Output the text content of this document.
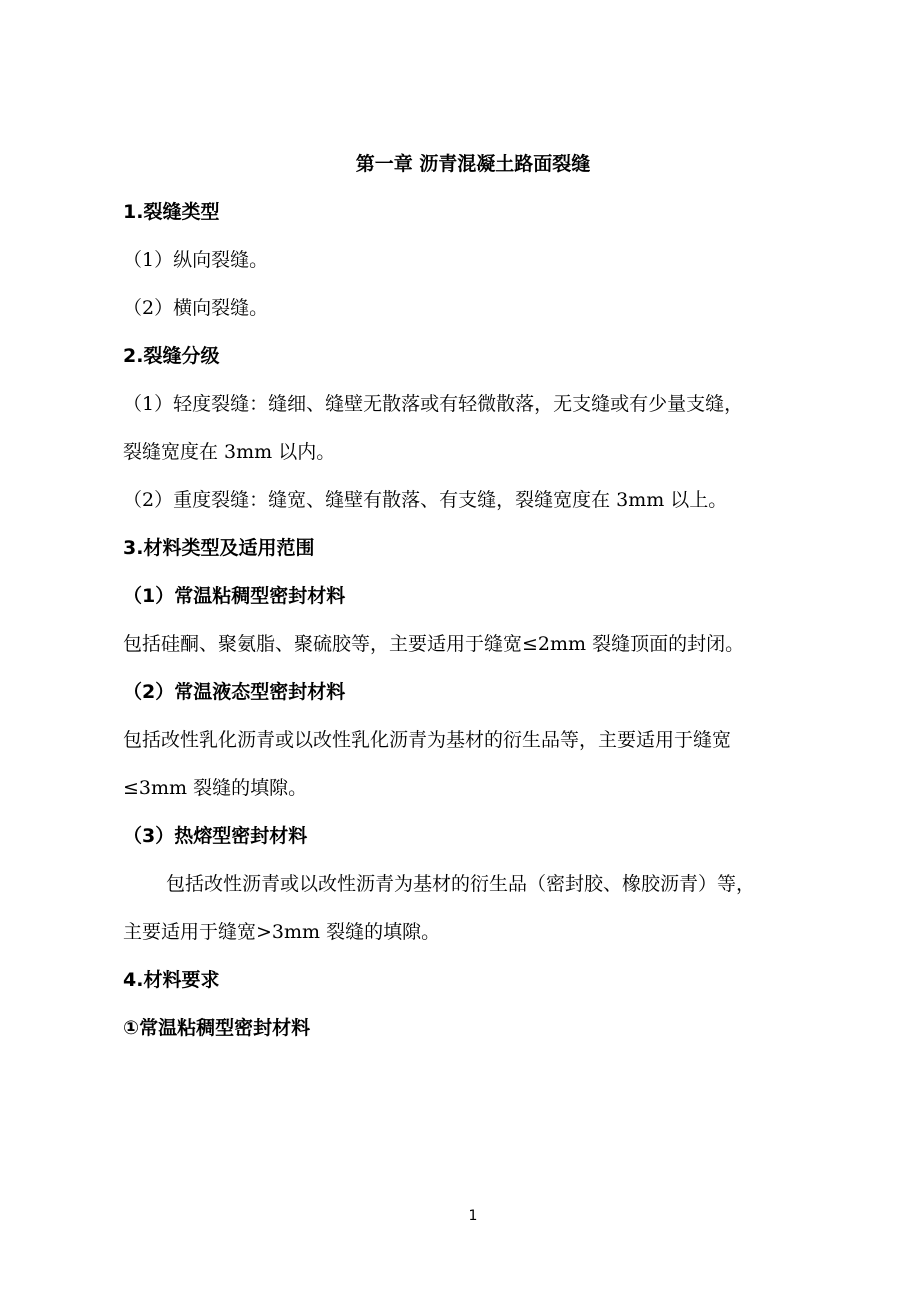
第一章 沥青混凝土路面裂缝
1.裂缝类型
（1）纵向裂缝。
（2）横向裂缝。
2.裂缝分级
（1）轻度裂缝：缝细、缝壁无散落或有轻微散落，无支缝或有少量支缝，
裂缝宽度在 3mm 以内。
（2）重度裂缝：缝宽、缝壁有散落、有支缝，裂缝宽度在 3mm 以上。
3.材料类型及适用范围
（1）常温粘稠型密封材料
包括硅酮、聚氨脂、聚硫胶等，主要适用于缝宽≤2mm 裂缝顶面的封闭。
（2）常温液态型密封材料
包括改性乳化沥青或以改性乳化沥青为基材的衍生品等，主要适用于缝宽
≤3mm 裂缝的填隙。
（3）热熔型密封材料
包括改性沥青或以改性沥青为基材的衍生品（密封胶、橡胶沥青）等，
主要适用于缝宽>3mm 裂缝的填隙。
4.材料要求
①常温粘稠型密封材料
1
